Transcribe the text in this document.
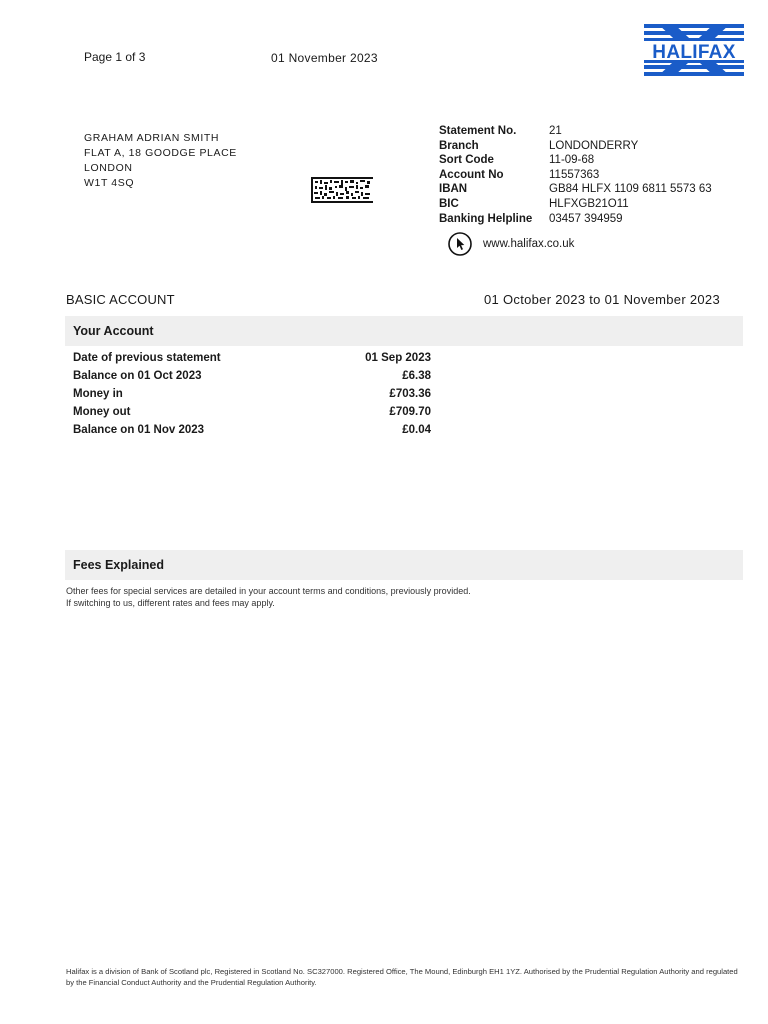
Page 1 of 3	01 November 2023	HALIFAX
GRAHAM ADRIAN SMITH
FLAT A, 18 GOODGE PLACE
LONDON
W1T 4SQ
Statement No.	21
Branch	LONDONDERRY
Sort Code	11-09-68
Account No	11557363
IBAN	GB84 HLFX 1109 6811 5573 63
BIC	HLFXGB21O11
Banking Helpline	03457 394959
www.halifax.co.uk
BASIC ACCOUNT	01 October 2023 to 01 November 2023
Your Account
Date of previous statement	01 Sep 2023
Balance on 01 Oct 2023	£6.38
Money in	£703.36
Money out	£709.70
Balance on 01 Nov 2023	£0.04
Fees Explained
Other fees for special services are detailed in your account terms and conditions, previously provided.
If switching to us, different rates and fees may apply.
Halifax is a division of Bank of Scotland plc, Registered in Scotland No. SC327000. Registered Office, The Mound, Edinburgh EH1 1YZ. Authorised by the Prudential Regulation Authority and regulated by the Financial Conduct Authority and the Prudential Regulation Authority.
